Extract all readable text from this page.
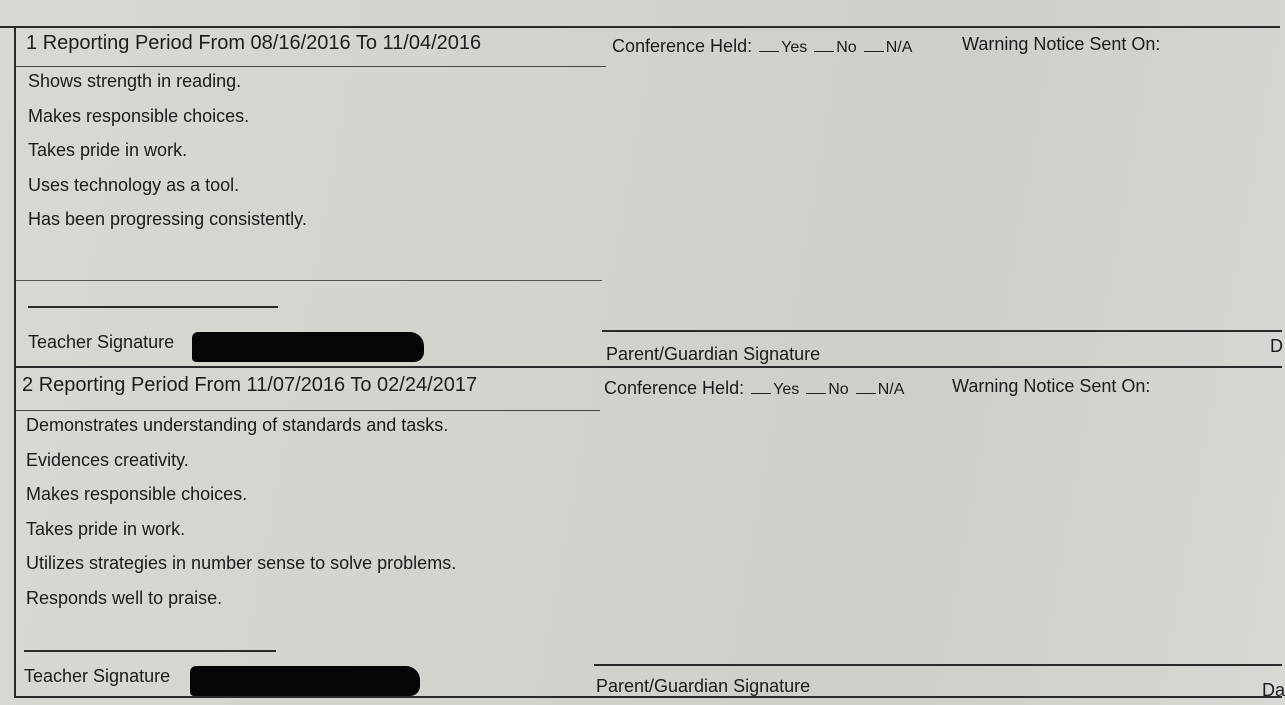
1 Reporting Period From 08/16/2016 To 11/04/2016	Conference Held: Yes No N/A	Warning Notice Sent On:
Shows strength in reading.
Makes responsible choices.
Takes pride in work.
Uses technology as a tool.
Has been progressing consistently.
Teacher Signature
Parent/Guardian Signature	D
2 Reporting Period From 11/07/2016 To 02/24/2017	Conference Held: Yes No N/A	Warning Notice Sent On:
Demonstrates understanding of standards and tasks.
Evidences creativity.
Makes responsible choices.
Takes pride in work.
Utilizes strategies in number sense to solve problems.
Responds well to praise.
Teacher Signature	Parent/Guardian Signature	Da
